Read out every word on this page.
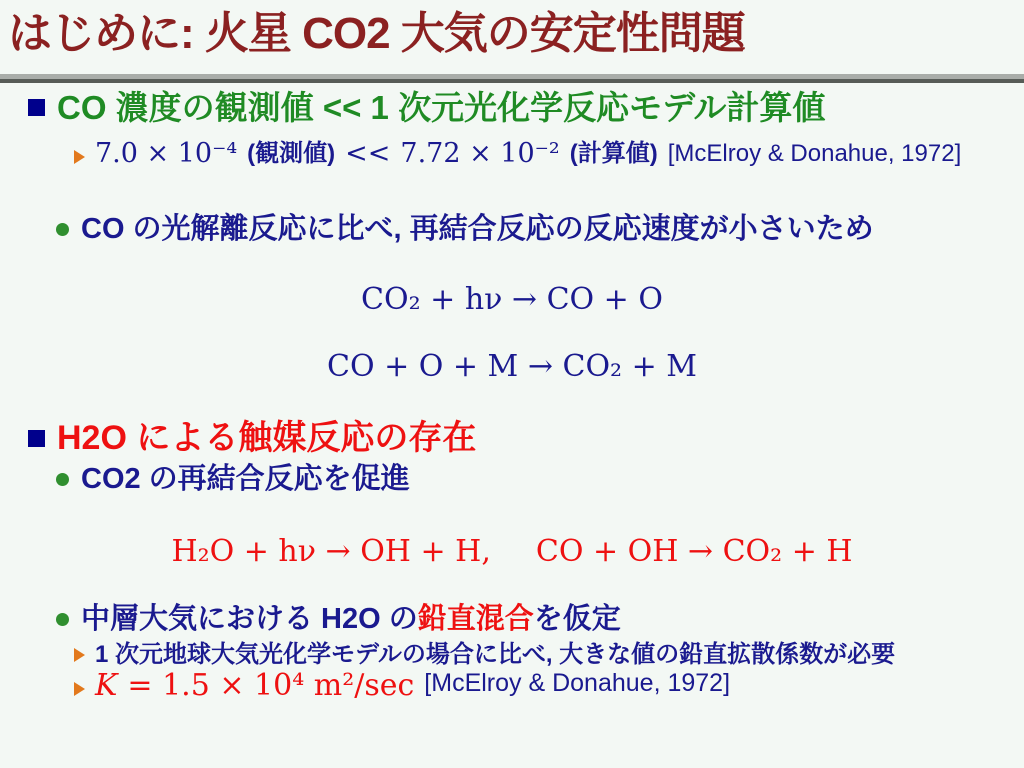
はじめに: 火星 CO2 大気の安定性問題
CO 濃度の観測値 << 1 次元光化学反応モデル計算値
7.0 × 10⁻⁴ (観測値) << 7.72 × 10⁻² (計算値) [McElroy & Donahue, 1972]
CO の光解離反応に比べ, 再結合反応の反応速度が小さいため
CO₂ + hν → CO + O
CO + O + M → CO₂ + M
H2O による触媒反応の存在
CO2 の再結合反応を促進
H₂O + hν → OH + H, CO + OH → CO₂ + H
中層大気における H2O の鉛直混合を仮定
1 次元地球大気光化学モデルの場合に比べ, 大きな値の鉛直拡散係数が必要
K = 1.5 × 10⁴ m²/sec [McElroy & Donahue, 1972]
